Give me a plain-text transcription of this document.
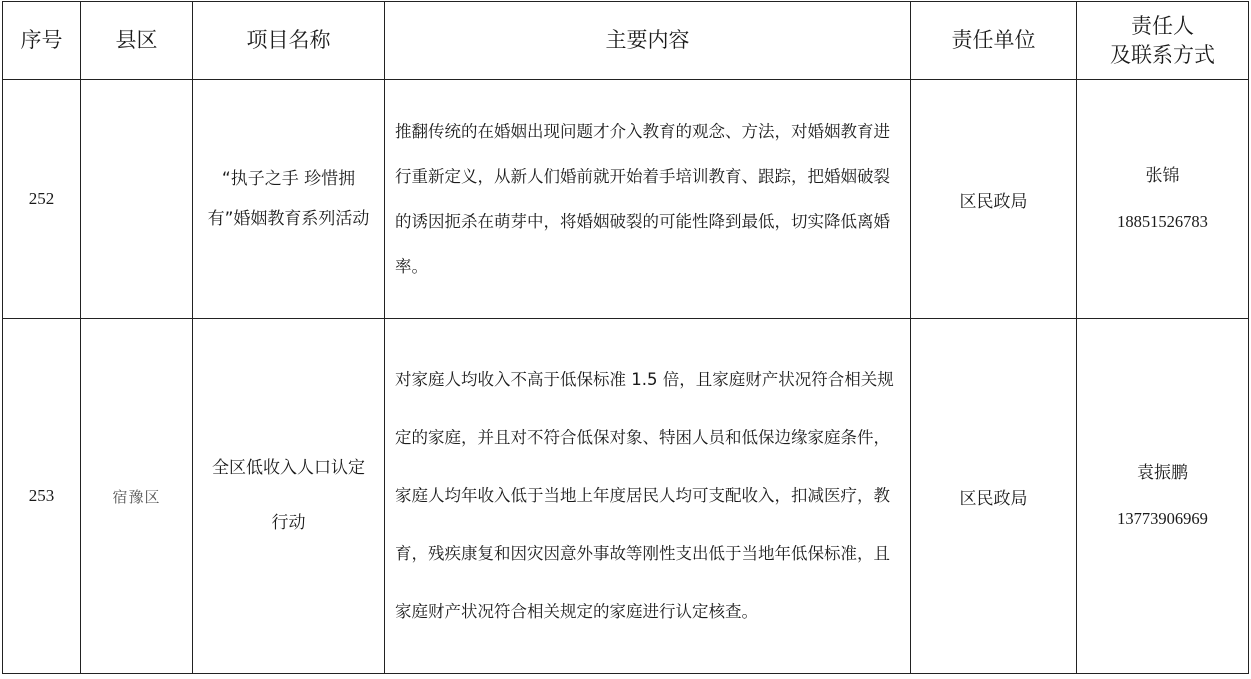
序号	县区	项目名称	主要内容	责任单位	责任人
及联系方式
252		“执子之手 珍惜拥有”婚姻教育系列活动	推翻传统的在婚姻出现问题才介入教育的观念、方法，对婚姻教育进行重新定义，从新人们婚前就开始着手培训教育、跟踪，把婚姻破裂的诱因扼杀在萌芽中，将婚姻破裂的可能性降到最低，切实降低离婚率。	区民政局	张锦
18851526783

253	宿豫区	全区低收入人口认定行动	对家庭人均收入不高于低保标准 1.5 倍，且家庭财产状况符合相关规定的家庭，并且对不符合低保对象、特困人员和低保边缘家庭条件，家庭人均年收入低于当地上年度居民人均可支配收入，扣减医疗，教育，残疾康复和因灾因意外事故等刚性支出低于当地年低保标准，且家庭财产状况符合相关规定的家庭进行认定核查。	区民政局	袁振鹏
13773906969
